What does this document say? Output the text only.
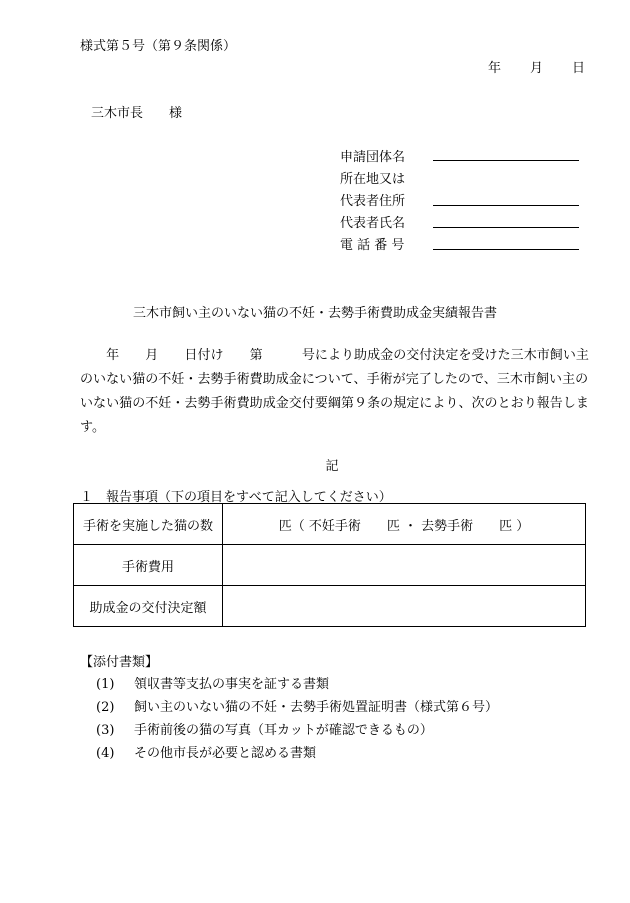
様式第５号（第９条関係）
年 月 日
三木市長　　様
申請団体名
所在地又は
代表者住所
代表者氏名
電 話 番 号
三木市飼い主のいない猫の不妊・去勢手術費助成金実績報告書
　　年　　月　　日付け　　第　　　号により助成金の交付決定を受けた三木市飼い主のいない猫の不妊・去勢手術費助成金について、手術が完了したので、三木市飼い主のいない猫の不妊・去勢手術費助成金交付要綱第９条の規定により、次のとおり報告します。
記
１　報告事項（下の項目をすべて記入してください）
手術を実施した猫の数	匹（ 不妊手術　　匹 ・ 去勢手術　　匹 ）
手術費用	
助成金の交付決定額	
【添付書類】
(1) 領収書等支払の事実を証する書類
(2) 飼い主のいない猫の不妊・去勢手術処置証明書（様式第６号）
(3) 手術前後の猫の写真（耳カットが確認できるもの）
(4) その他市長が必要と認める書類
